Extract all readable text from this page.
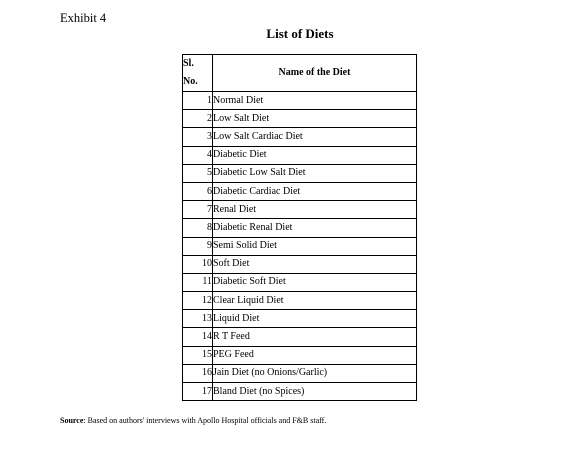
Exhibit 4
List of Diets
Sl.
No.	Name of the Diet
1	Normal Diet
2	Low Salt Diet
3	Low Salt Cardiac Diet
4	Diabetic Diet
5	Diabetic Low Salt Diet
6	Diabetic Cardiac Diet
7	Renal Diet
8	Diabetic Renal Diet
9	Semi Solid Diet
10	Soft Diet
11	Diabetic Soft Diet
12	Clear Liquid Diet
13	Liquid Diet
14	R T Feed
15	PEG Feed
16	Jain Diet (no Onions/Garlic)
17	Bland Diet (no Spices)
Source: Based on authors' interviews with Apollo Hospital officials and F&B staff.
